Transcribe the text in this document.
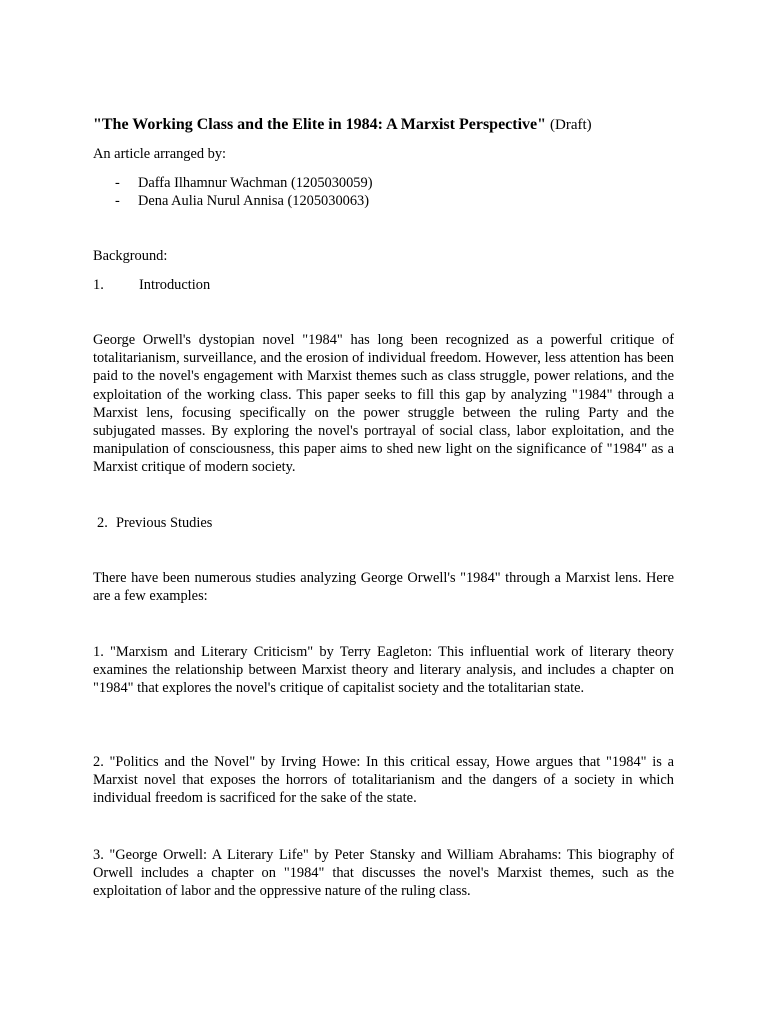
"The Working Class and the Elite in 1984: A Marxist Perspective" (Draft)
An article arranged by:
- Daffa Ilhamnur Wachman (1205030059)
- Dena Aulia Nurul Annisa (1205030063)
Background:
1. Introduction
George Orwell's dystopian novel "1984" has long been recognized as a powerful critique of totalitarianism, surveillance, and the erosion of individual freedom. However, less attention has been paid to the novel's engagement with Marxist themes such as class struggle, power relations, and the exploitation of the working class. This paper seeks to fill this gap by analyzing "1984" through a Marxist lens, focusing specifically on the power struggle between the ruling Party and the subjugated masses. By exploring the novel's portrayal of social class, labor exploitation, and the manipulation of consciousness, this paper aims to shed new light on the significance of "1984" as a Marxist critique of modern society.
2. Previous Studies
There have been numerous studies analyzing George Orwell's "1984" through a Marxist lens. Here are a few examples:
1. "Marxism and Literary Criticism" by Terry Eagleton: This influential work of literary theory examines the relationship between Marxist theory and literary analysis, and includes a chapter on "1984" that explores the novel's critique of capitalist society and the totalitarian state.
2. "Politics and the Novel" by Irving Howe: In this critical essay, Howe argues that "1984" is a Marxist novel that exposes the horrors of totalitarianism and the dangers of a society in which individual freedom is sacrificed for the sake of the state.
3. "George Orwell: A Literary Life" by Peter Stansky and William Abrahams: This biography of Orwell includes a chapter on "1984" that discusses the novel's Marxist themes, such as the exploitation of labor and the oppressive nature of the ruling class.
